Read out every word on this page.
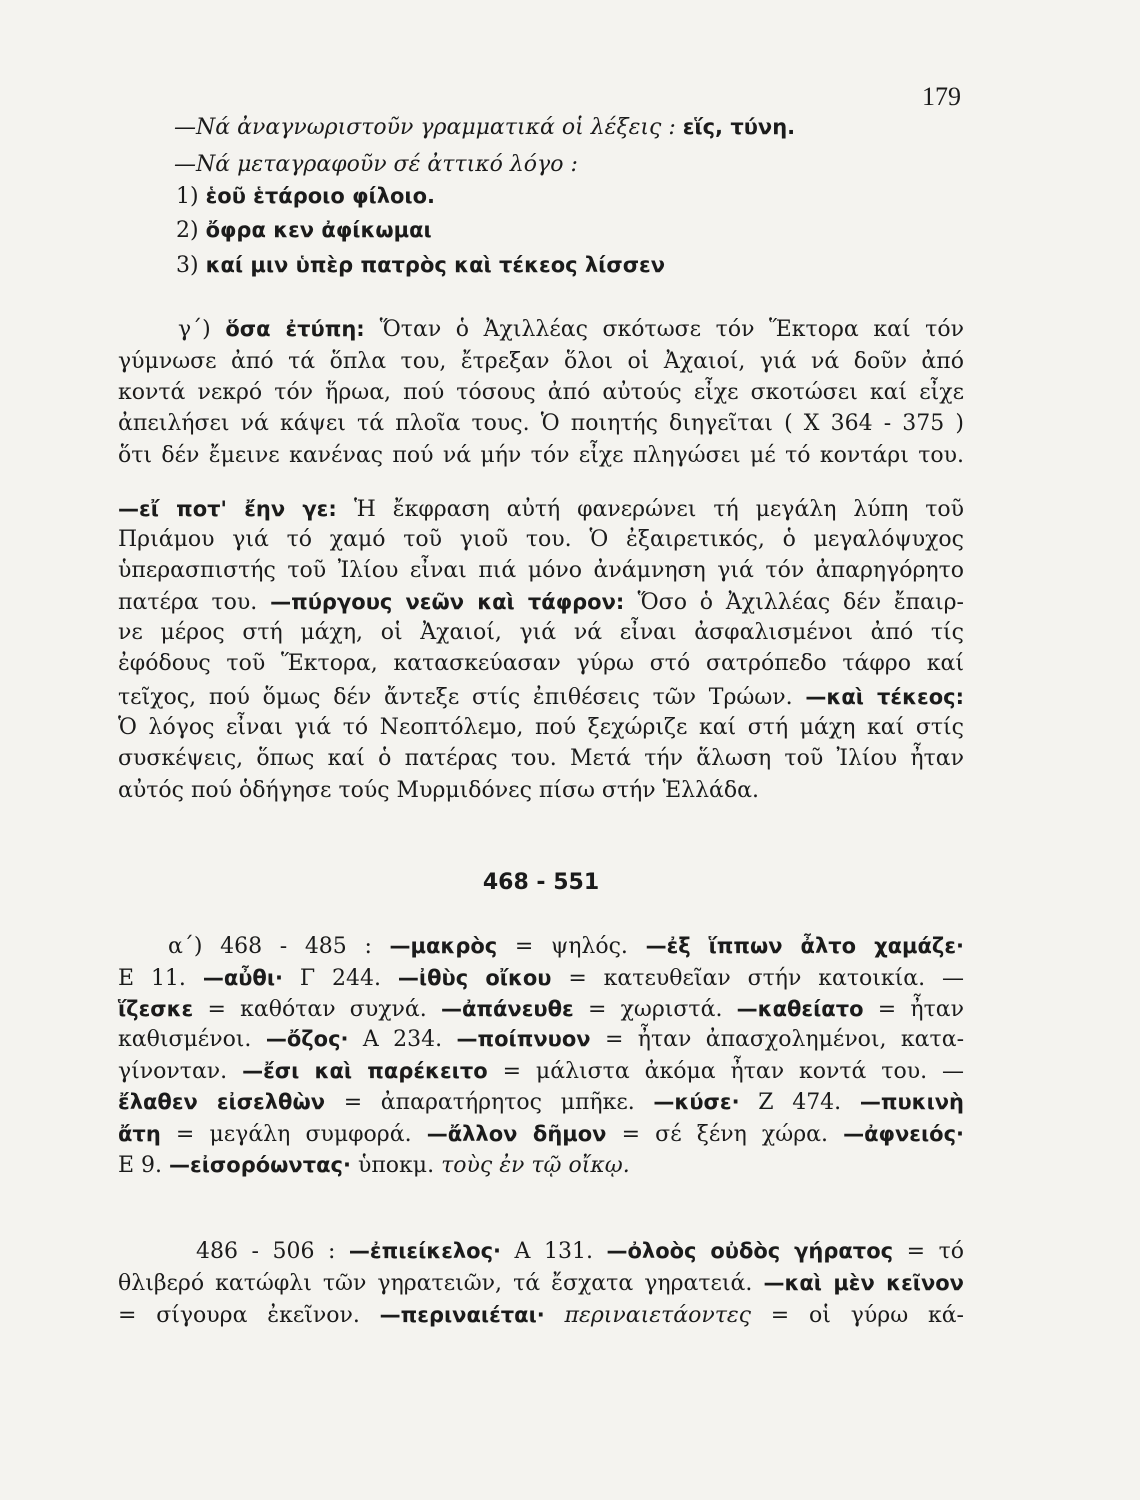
179
—Νά ἀναγνωριστοῦν γραμματικά οἱ λέξεις : εἵς, τύνη.
—Νά μεταγραφοῦν σέ ἀττικό λόγο :
1) ἑοῦ ἑτάροιο φίλοιο.
2) ὄφρα κεν ἀφίκωμαι
3) καί μιν ὑπὲρ πατρὸς καὶ τέκεος λίσσεν
γ΄) ὅσα ἐτύπη: Ὅταν ὁ Ἀχιλλέας σκότωσε τόν Ἕκτορα καί τόν
γύμνωσε ἀπό τά ὅπλα του, ἔτρεξαν ὅλοι οἱ Ἀχαιοί, γιά νά δοῦν ἀπό
κοντά νεκρό τόν ἥρωα, πού τόσους ἀπό αὐτούς εἶχε σκοτώσει καί εἶχε
ἀπειλήσει νά κάψει τά πλοῖα τους. Ὁ ποιητής διηγεῖται ( Χ 364 - 375 )
ὅτι δέν ἔμεινε κανένας πού νά μήν τόν εἶχε πληγώσει μέ τό κοντάρι του.
—εἴ ποτ' ἔην γε: Ἡ ἔκφραση αὐτή φανερώνει τή μεγάλη λύπη τοῦ
Πριάμου γιά τό χαμό τοῦ γιοῦ του. Ὁ ἐξαιρετικός, ὁ μεγαλόψυχος
ὑπερασπιστής τοῦ Ἰλίου εἶναι πιά μόνο ἀνάμνηση γιά τόν ἀπαρηγόρητο
πατέρα του. —πύργους νεῶν καὶ τάφρον: Ὅσο ὁ Ἀχιλλέας δέν ἔπαιρ-
νε μέρος στή μάχη, οἱ Ἀχαιοί, γιά νά εἶναι ἀσφαλισμένοι ἀπό τίς
ἐφόδους τοῦ Ἕκτορα, κατασκεύασαν γύρω στό σατρόπεδο τάφρο καί
τεῖχος, πού ὅμως δέν ἄντεξε στίς ἐπιθέσεις τῶν Τρώων. —καὶ τέκεος:
Ὁ λόγος εἶναι γιά τό Νεοπτόλεμο, πού ξεχώριζε καί στή μάχη καί στίς
συσκέψεις, ὅπως καί ὁ πατέρας του. Μετά τήν ἅλωση τοῦ Ἰλίου ἦταν
αὐτός πού ὁδήγησε τούς Μυρμιδόνες πίσω στήν Ἑλλάδα.
468 - 551
α΄) 468 - 485 : —μακρὸς = ψηλός. —ἐξ ἵππων ἆλτο χαμάζε·
Ε 11. —αὖθι· Γ 244. —ἰθὺς οἴκου = κατευθεῖαν στήν κατοικία. —
ἵζεσκε = καθόταν συχνά. —ἀπάνευθε = χωριστά. —καθείατο = ἦταν
καθισμένοι. —ὄζος· Α 234. —ποίπνυον = ἦταν ἀπασχολημένοι, κατα-
γίνονταν. —ἔσι καὶ παρέκειτο = μάλιστα ἀκόμα ἦταν κοντά του. —
ἔλαθεν εἰσελθὼν = ἀπαρατήρητος μπῆκε. —κύσε· Ζ 474. —πυκινὴ
ἄτη = μεγάλη συμφορά. —ἄλλον δῆμον = σέ ξένη χώρα. —ἀφνειός·
Ε 9. —εἰσορόωντας· ὑποκμ. τοὺς ἐν τῷ οἴκῳ.
486 - 506 : —ἐπιείκελος· Α 131. —ὀλοὸς οὐδὸς γήρατος = τό
θλιβερό κατώφλι τῶν γηρατειῶν, τά ἔσχατα γηρατειά. —καὶ μὲν κεῖνον
= σίγουρα ἐκεῖνον. —περιναιέται· περιναιετάοντες = οἱ γύρω κά-
